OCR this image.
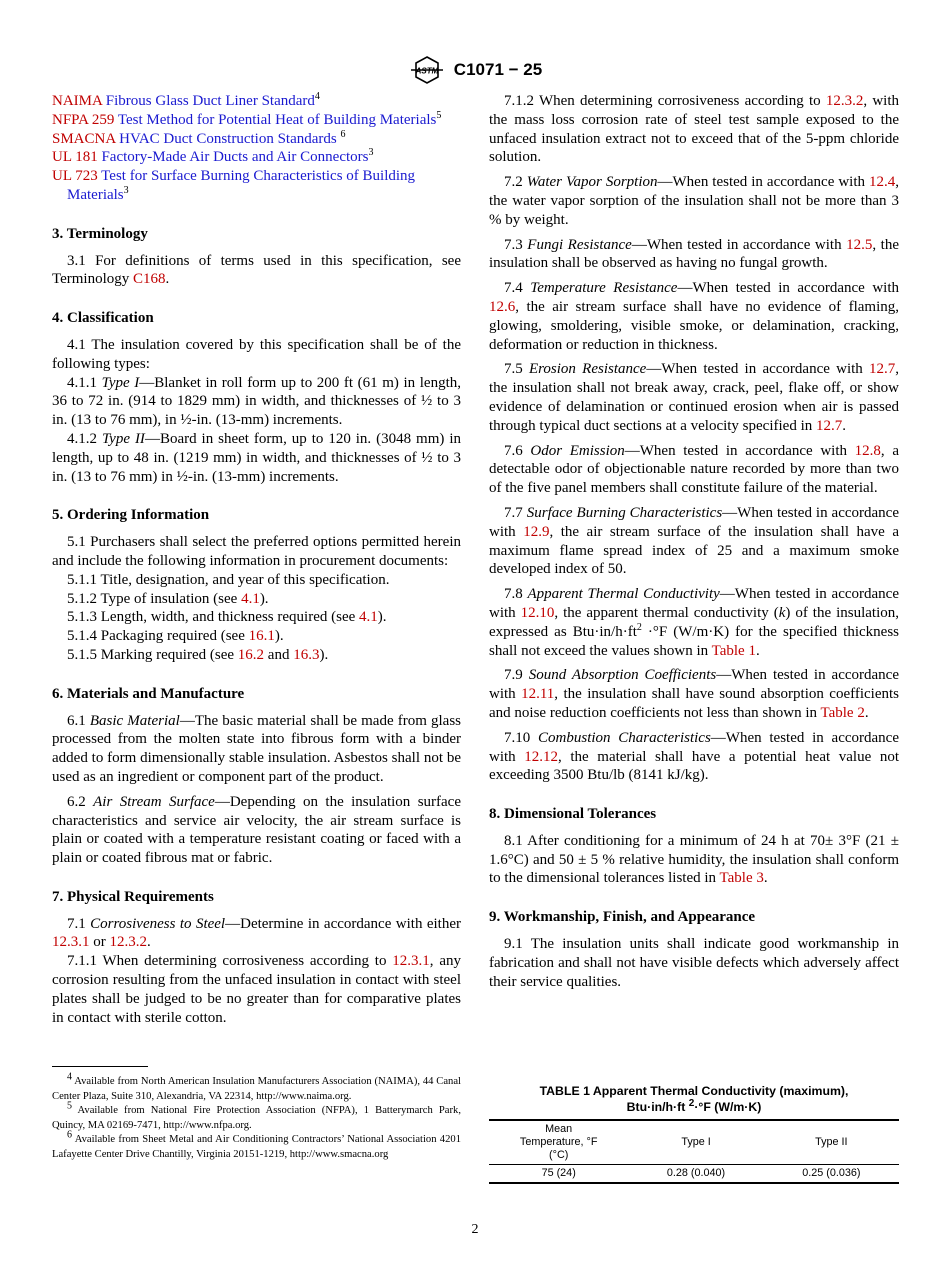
ASTM C1071 − 25
NAIMA Fibrous Glass Duct Liner Standard$^4$
NFPA 259 Test Method for Potential Heat of Building Materials$^5$
SMACNA HVAC Duct Construction Standards $^6$
UL 181 Factory-Made Air Ducts and Air Connectors$^3$
UL 723 Test for Surface Burning Characteristics of Building Materials$^3$
3. Terminology

3.1 For definitions of terms used in this specification, see Terminology C168.

4. Classification

4.1 The insulation covered by this specification shall be of the following types:

4.1.1 Type I—Blanket in roll form up to 200 ft (61 m) in length, 36 to 72 in. (914 to 1829 mm) in width, and thicknesses of ½ to 3 in. (13 to 76 mm), in ½-in. (13-mm) increments.

4.1.2 Type II—Board in sheet form, up to 120 in. (3048 mm) in length, up to 48 in. (1219 mm) in width, and thicknesses of ½ to 3 in. (13 to 76 mm) in ½-in. (13-mm) increments.

5. Ordering Information

5.1 Purchasers shall select the preferred options permitted herein and include the following information in procurement documents:

5.1.1 Title, designation, and year of this specification.

5.1.2 Type of insulation (see 4.1).

5.1.3 Length, width, and thickness required (see 4.1).

5.1.4 Packaging required (see 16.1).

5.1.5 Marking required (see 16.2 and 16.3).

6. Materials and Manufacture

6.1 Basic Material—The basic material shall be made from glass processed from the molten state into fibrous form with a binder added to form dimensionally stable insulation. Asbestos shall not be used as an ingredient or component part of the product.

6.2 Air Stream Surface—Depending on the insulation surface characteristics and service air velocity, the air stream surface is plain or coated with a temperature resistant coating or faced with a plain or coated fibrous mat or fabric.

7. Physical Requirements

7.1 Corrosiveness to Steel—Determine in accordance with either 12.3.1 or 12.3.2.

7.1.1 When determining corrosiveness according to 12.3.1, any corrosion resulting from the unfaced insulation in contact with steel plates shall be judged to be no greater than for comparative plates in contact with sterile cotton.

7.1.2 When determining corrosiveness according to 12.3.2, with the mass loss corrosion rate of steel test sample exposed to the unfaced insulation extract not to exceed that of the 5-ppm chloride solution.

7.2 Water Vapor Sorption—When tested in accordance with 12.4, the water vapor sorption of the insulation shall not be more than 3 % by weight.

7.3 Fungi Resistance—When tested in accordance with 12.5, the insulation shall be observed as having no fungal growth.

7.4 Temperature Resistance—When tested in accordance with 12.6, the air stream surface shall have no evidence of flaming, glowing, smoldering, visible smoke, or delamination, cracking, deformation or reduction in thickness.

7.5 Erosion Resistance—When tested in accordance with 12.7, the insulation shall not break away, crack, peel, flake off, or show evidence of delamination or continued erosion when air is passed through typical duct sections at a velocity specified in 12.7.

7.6 Odor Emission—When tested in accordance with 12.8, a detectable odor of objectionable nature recorded by more than two of the five panel members shall constitute failure of the material.

7.7 Surface Burning Characteristics—When tested in accordance with 12.9, the air stream surface of the insulation shall have a maximum flame spread index of 25 and a maximum smoke developed index of 50.

7.8 Apparent Thermal Conductivity—When tested in accordance with 12.10, the apparent thermal conductivity (k) of the insulation, expressed as $Btu\cdot in/h\cdot ft^2 \cdot^\circ F$ (W/m·K) for the specified thickness shall not exceed the values shown in Table 1.

7.9 Sound Absorption Coefficients—When tested in accordance with 12.11, the insulation shall have sound absorption coefficients and noise reduction coefficients not less than shown in Table 2.

7.10 Combustion Characteristics—When tested in accordance with 12.12, the material shall have a potential heat value not exceeding 3500 Btu/lb (8141 kJ/kg).

8. Dimensional Tolerances

8.1 After conditioning for a minimum of 24 h at 70± 3°F (21 ± 1.6°C) and 50 ± 5 % relative humidity, the insulation shall conform to the dimensional tolerances listed in Table 3.

9. Workmanship, Finish, and Appearance

9.1 The insulation units shall indicate good workmanship in fabrication and shall not have visible defects which adversely affect their service qualities.

$^4$ Available from North American Insulation Manufacturers Association (NAIMA), 44 Canal Center Plaza, Suite 310, Alexandria, VA 22314, http://www.naima.org.

$^5$ Available from National Fire Protection Association (NFPA), 1 Batterymarch Park, Quincy, MA 02169-7471, http://www.nfpa.org.

$^6$ Available from Sheet Metal and Air Conditioning Contractors’ National Association 4201 Lafayette Center Drive Chantilly, Virginia 20151-1219, http://www.smacna.org

TABLE 1 Apparent Thermal Conductivity (maximum),
Btu·in/h·ft $^2$·°F (W/m·K)
Mean Temperature, °F (°C)	Type I	Type II
75 (24)	0.28 (0.040)	0.25 (0.036)
2
